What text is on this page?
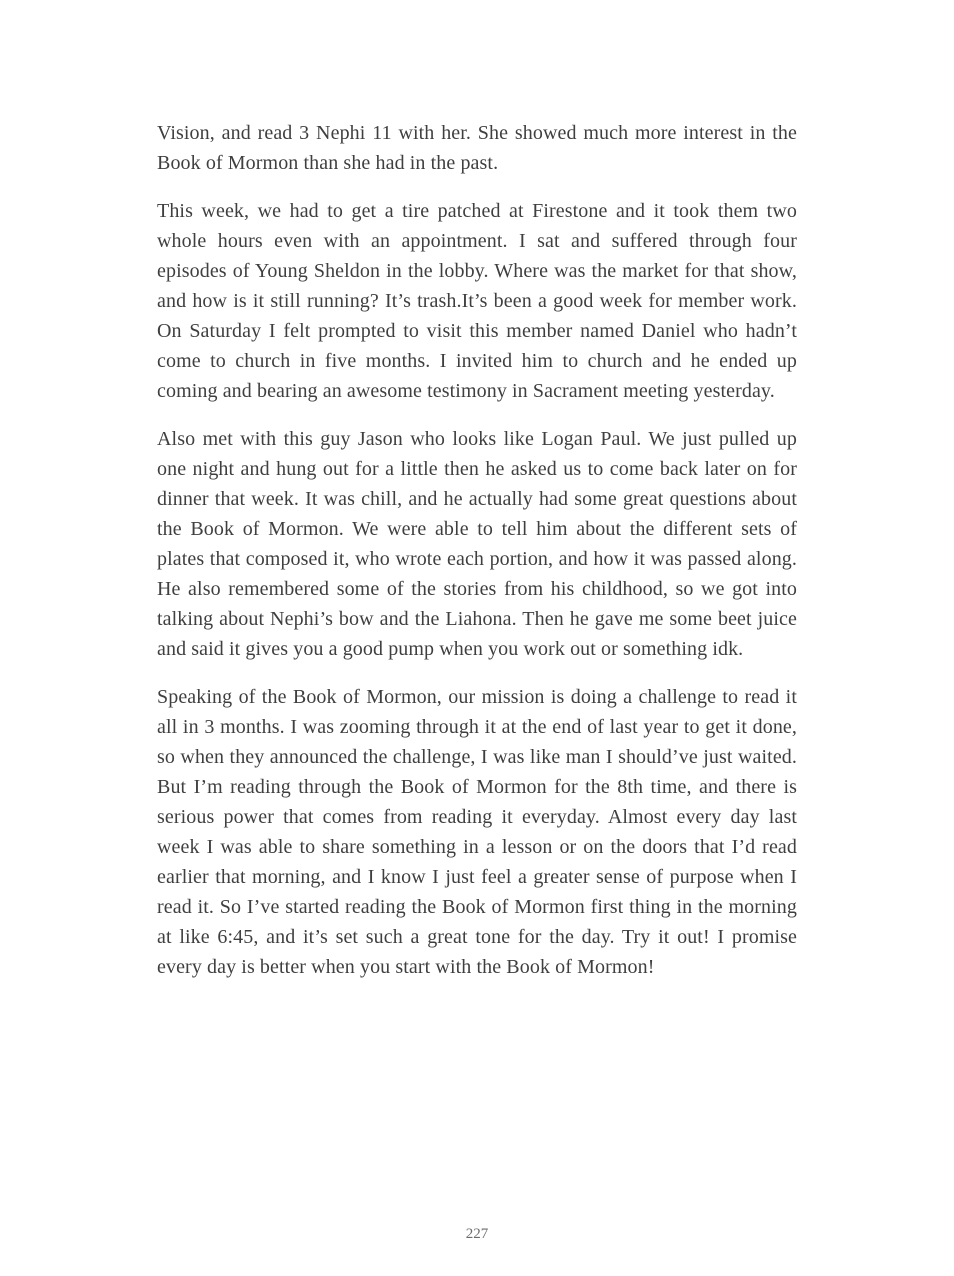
Vision, and read 3 Nephi 11 with her. She showed much more interest in the Book of Mormon than she had in the past.

This week, we had to get a tire patched at Firestone and it took them two whole hours even with an appointment. I sat and suffered through four episodes of Young Sheldon in the lobby. Where was the market for that show, and how is it still running? It’s trash.It’s been a good week for member work. On Saturday I felt prompted to visit this member named Daniel who hadn’t come to church in five months. I invited him to church and he ended up coming and bearing an awesome testimony in Sacrament meeting yesterday.

Also met with this guy Jason who looks like Logan Paul. We just pulled up one night and hung out for a little then he asked us to come back later on for dinner that week. It was chill, and he actually had some great questions about the Book of Mormon. We were able to tell him about the different sets of plates that composed it, who wrote each portion, and how it was passed along. He also remembered some of the stories from his childhood, so we got into talking about Nephi’s bow and the Liahona. Then he gave me some beet juice and said it gives you a good pump when you work out or something idk.

Speaking of the Book of Mormon, our mission is doing a challenge to read it all in 3 months. I was zooming through it at the end of last year to get it done, so when they announced the challenge, I was like man I should’ve just waited. But I’m reading through the Book of Mormon for the 8th time, and there is serious power that comes from reading it everyday. Almost every day last week I was able to share something in a lesson or on the doors that I’d read earlier that morning, and I know I just feel a greater sense of purpose when I read it. So I’ve started reading the Book of Mormon first thing in the morning at like 6:45, and it’s set such a great tone for the day. Try it out! I promise every day is better when you start with the Book of Mormon!

227
